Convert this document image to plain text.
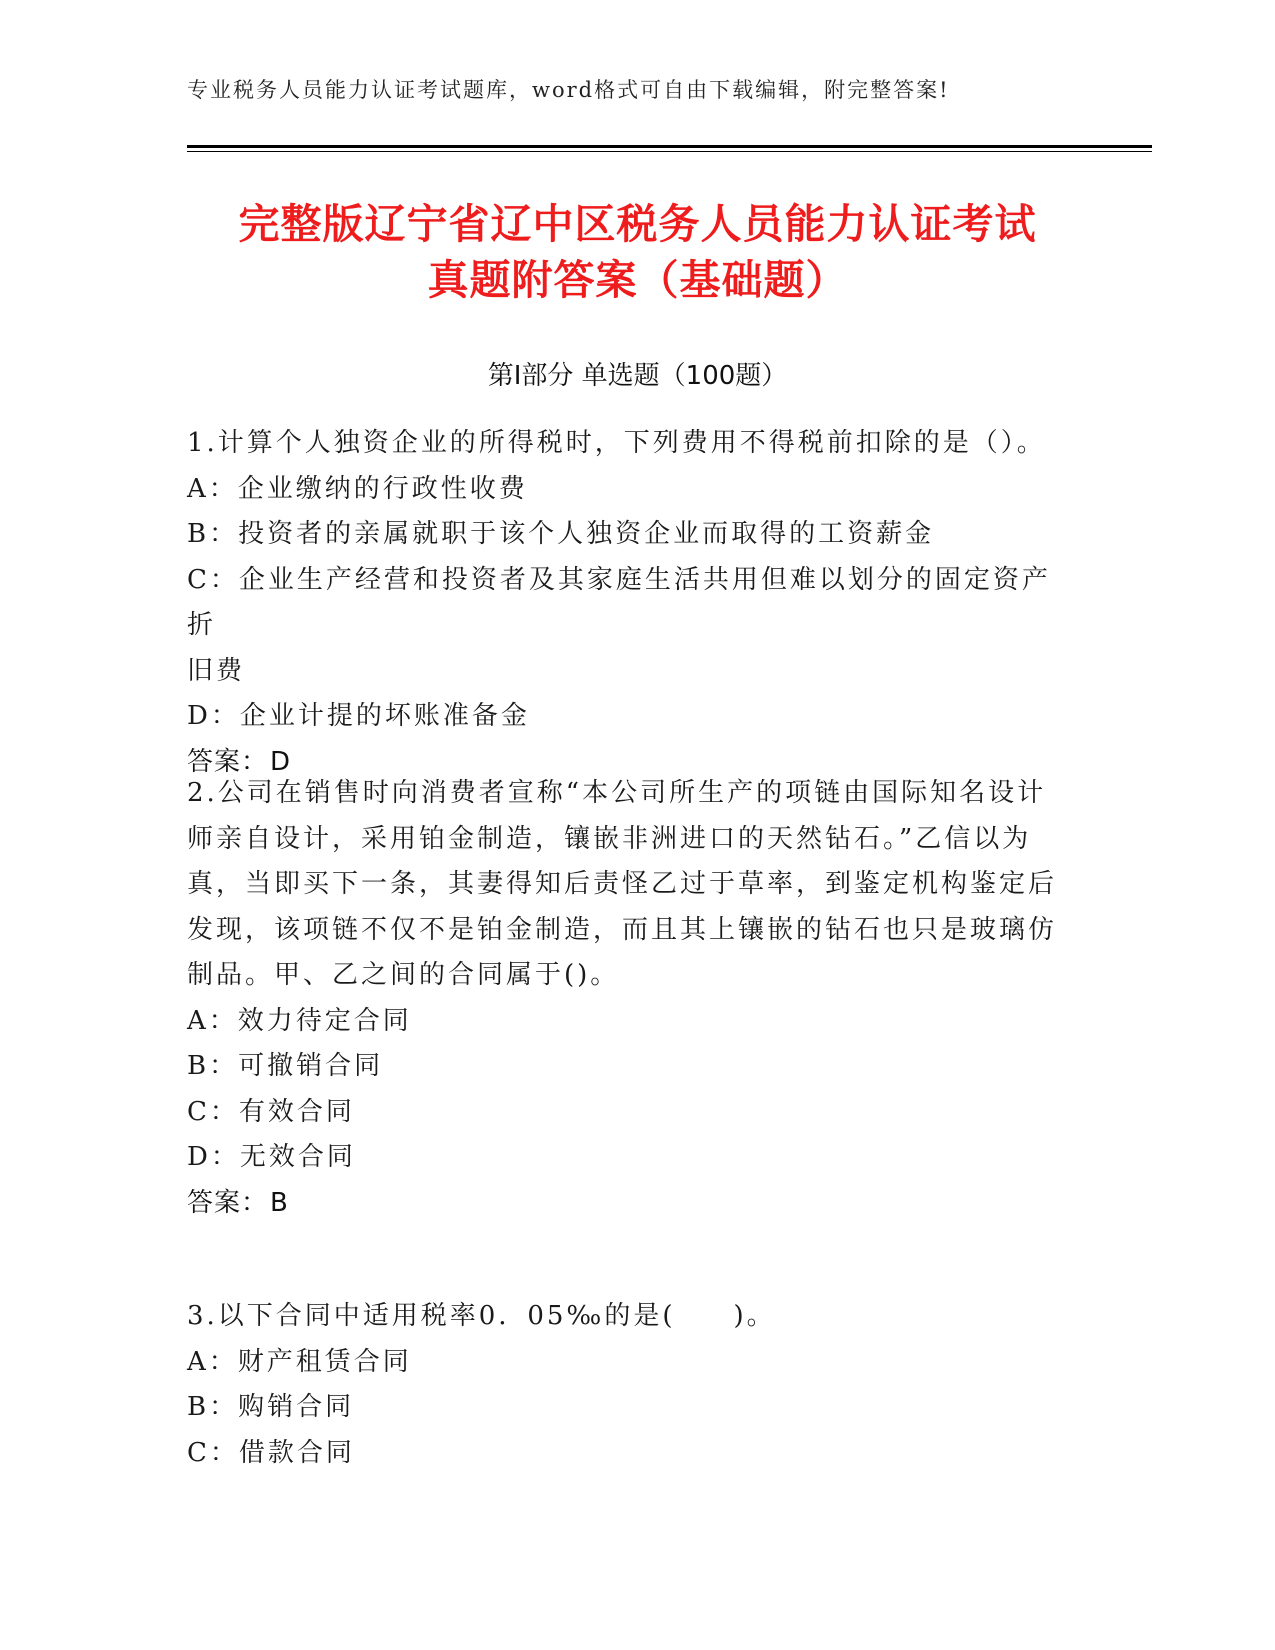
专业税务人员能力认证考试题库，word格式可自由下载编辑，附完整答案!
完整版辽宁省辽中区税务人员能力认证考试
真题附答案（基础题）
第Ⅰ部分 单选题（100题）

1.计算个人独资企业的所得税时，下列费用不得税前扣除的是（）。

A：企业缴纳的行政性收费

B：投资者的亲属就职于该个人独资企业而取得的工资薪金

C：企业生产经营和投资者及其家庭生活共用但难以划分的固定资产折

旧费

D：企业计提的坏账准备金

答案：D

2.公司在销售时向消费者宣称“本公司所生产的项链由国际知名设计

师亲自设计，采用铂金制造，镶嵌非洲进口的天然钻石。”乙信以为

真，当即买下一条，其妻得知后责怪乙过于草率，到鉴定机构鉴定后

发现，该项链不仅不是铂金制造，而且其上镶嵌的钻石也只是玻璃仿

制品。甲、乙之间的合同属于()。

A：效力待定合同

B：可撤销合同

C：有效合同

D：无效合同

答案：B

3.以下合同中适用税率0．05‰的是(　　)。

A：财产租赁合同

B：购销合同

C：借款合同
